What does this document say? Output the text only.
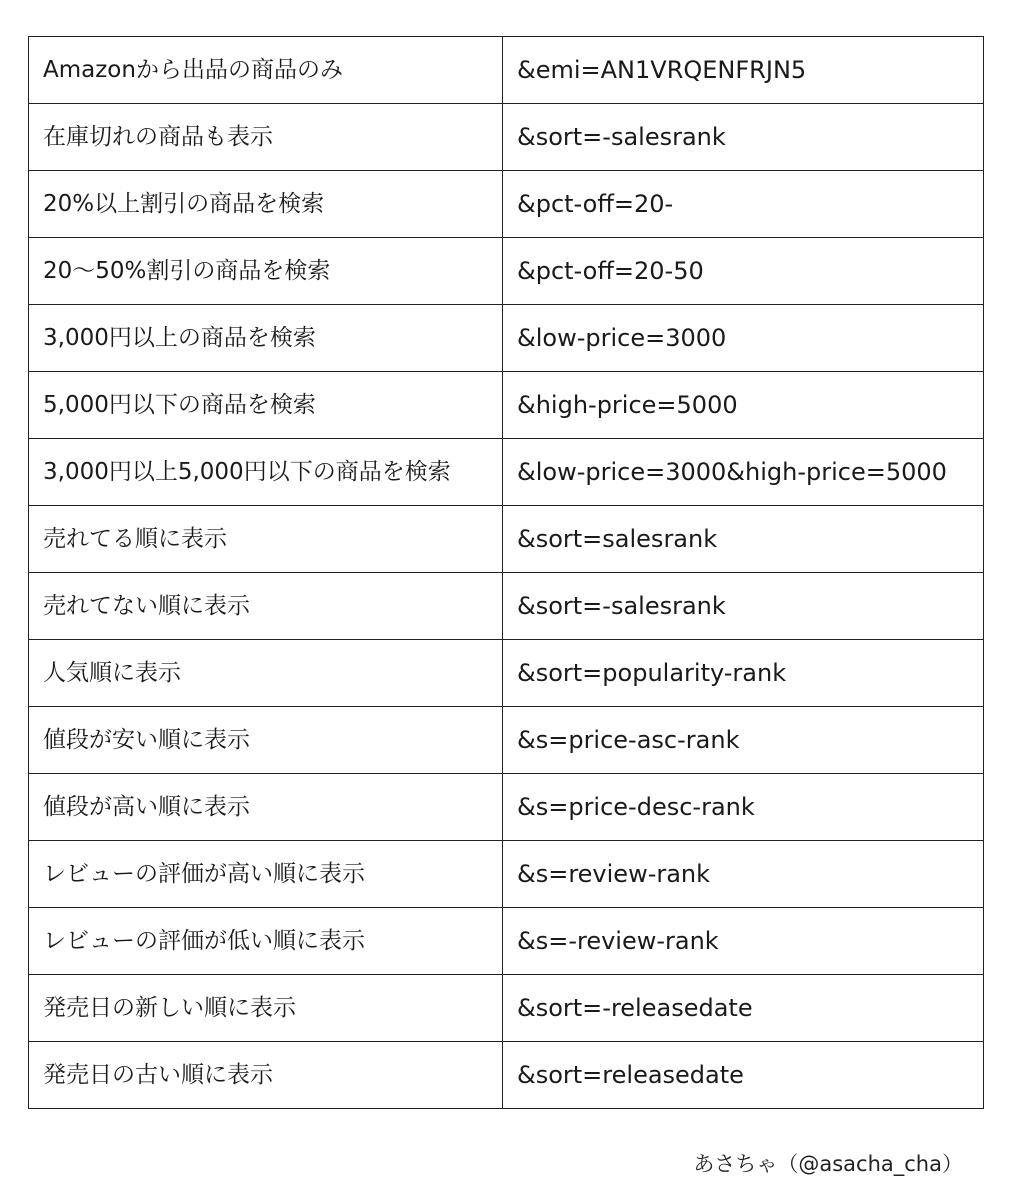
Amazonから出品の商品のみ	&emi=AN1VRQENFRJN5
在庫切れの商品も表示	&sort=-salesrank
20%以上割引の商品を検索	&pct-off=20-
20～50%割引の商品を検索	&pct-off=20-50
3,000円以上の商品を検索	&low-price=3000
5,000円以下の商品を検索	&high-price=5000
3,000円以上5,000円以下の商品を検索	&low-price=3000&high-price=5000
売れてる順に表示	&sort=salesrank
売れてない順に表示	&sort=-salesrank
人気順に表示	&sort=popularity-rank
値段が安い順に表示	&s=price-asc-rank
値段が高い順に表示	&s=price-desc-rank
レビューの評価が高い順に表示	&s=review-rank
レビューの評価が低い順に表示	&s=-review-rank
発売日の新しい順に表示	&sort=-releasedate
発売日の古い順に表示	&sort=releasedate
あさちゃ（@asacha_cha）
